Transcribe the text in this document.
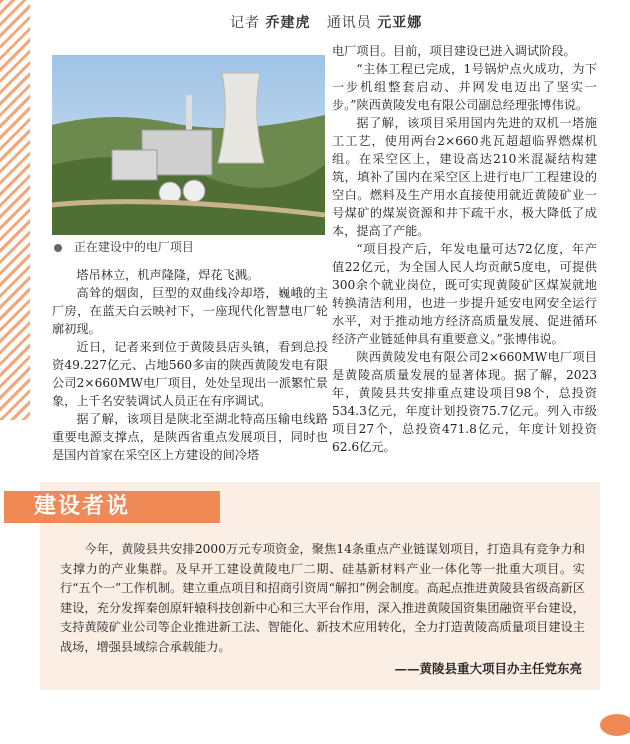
记者 乔建虎 通讯员 元亚娜
正在建设中的电厂项目

塔吊林立，机声隆隆，焊花飞溅。

高耸的烟囱，巨型的双曲线冷却塔，巍峨的主厂房，在蓝天白云映衬下，一座现代化智慧电厂轮廓初现。

近日，记者来到位于黄陵县店头镇，看到总投资49.227亿元、占地560多亩的陕西黄陵发电有限公司2×660MW电厂项目，处处呈现出一派繁忙景象，上千名安装调试人员正在有序调试。

据了解，该项目是陕北至湖北特高压输电线路重要电源支撑点，是陕西省重点发展项目，同时也是国内首家在采空区上方建设的间冷塔

电厂项目。目前，项目建设已进入调试阶段。

“主体工程已完成，1号锅炉点火成功，为下一步机组整套启动、并网发电迈出了坚实一步。”陕西黄陵发电有限公司副总经理张博伟说。

据了解，该项目采用国内先进的双机一塔施工工艺，使用两台2×660兆瓦超超临界燃煤机组。在采空区上，建设高达210米混凝结构建筑，填补了国内在采空区上进行电厂工程建设的空白。燃料及生产用水直接使用就近黄陵矿业一号煤矿的煤炭资源和井下疏干水，极大降低了成本，提高了产能。

“项目投产后，年发电量可达72亿度，年产值22亿元，为全国人民人均贡献5度电，可提供300余个就业岗位，既可实现黄陵矿区煤炭就地转换清洁利用，也进一步提升延安电网安全运行水平，对于推动地方经济高质量发展、促进循环经济产业链延伸具有重要意义。”张博伟说。

陕西黄陵发电有限公司2×660MW电厂项目是黄陵高质量发展的显著体现。据了解，2023年，黄陵县共安排重点建设项目98个，总投资534.3亿元，年度计划投资75.7亿元。列入市级项目27个，总投资471.8亿元，年度计划投资62.6亿元。

建设者说

今年，黄陵县共安排2000万元专项资金，聚焦14条重点产业链谋划项目，打造具有竞争力和支撑力的产业集群。及早开工建设黄陵电厂二期、硅基新材料产业一体化等一批重大项目。实行“五个一”工作机制。建立重点项目和招商引资周“解扣”例会制度。高起点推进黄陵县省级高新区建设，充分发挥秦创原轩辕科技创新中心和三大平台作用，深入推进黄陵国资集团融资平台建设，支持黄陵矿业公司等企业推进新工法、智能化、新技术应用转化，全力打造黄陵高质量项目建设主战场，增强县域综合承载能力。

——黄陵县重大项目办主任党东亮
